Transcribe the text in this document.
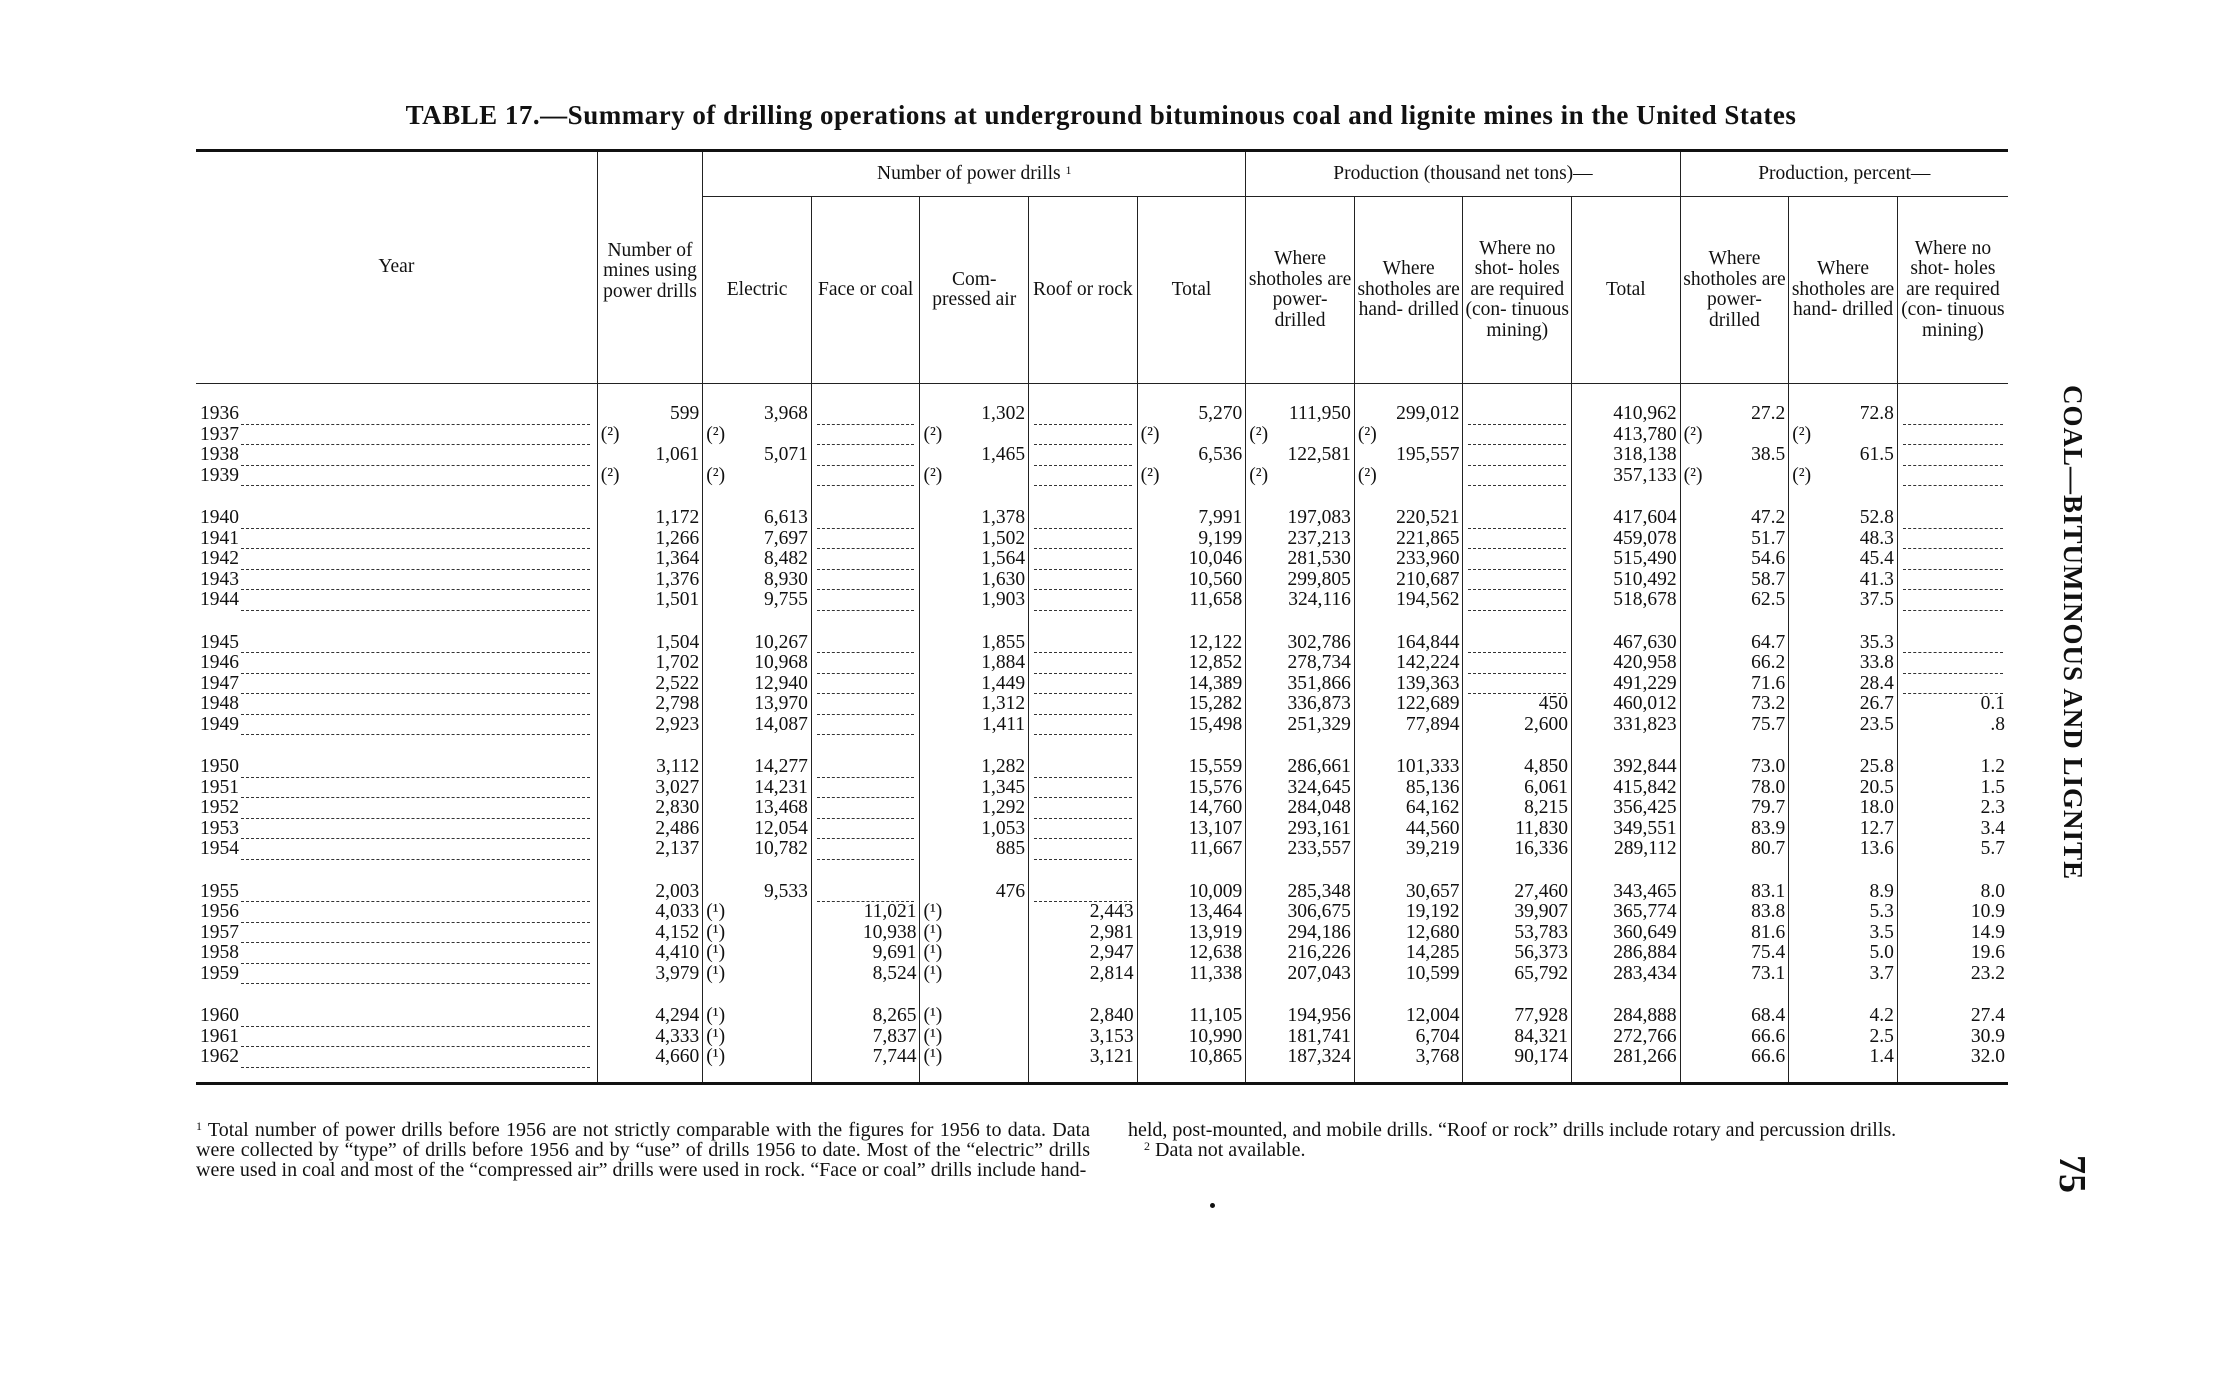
TABLE 17.—Summary of drilling operations at underground bituminous coal and lignite mines in the United States
Year	Number of mines using power drills	Number of power drills $^1$					Production (thousand net tons)—				Production, percent—		
		Electric	Face or coal	Com- pressed air	Roof or rock	Total	Where shotholes are power- drilled	Where shotholes are hand- drilled	Where no shot- holes are required (con- tinuous mining)	Total	Where shotholes are power- drilled	Where shotholes are hand- drilled	Where no shot- holes are required (con- tinuous mining)

1936	599	3,968		1,302		5,270	111,950	299,012		410,962	27.2	72.8	

1937	(²)	(²)		(²)		(²)	(²)	(²)		413,780	(²)	(²)	

1938	1,061	5,071		1,465		6,536	122,581	195,557		318,138	38.5	61.5	

1939	(²)	(²)		(²)		(²)	(²)	(²)		357,133	(²)	(²)	

1940	1,172	6,613		1,378		7,991	197,083	220,521		417,604	47.2	52.8	

1941	1,266	7,697		1,502		9,199	237,213	221,865		459,078	51.7	48.3	

1942	1,364	8,482		1,564		10,046	281,530	233,960		515,490	54.6	45.4	

1943	1,376	8,930		1,630		10,560	299,805	210,687		510,492	58.7	41.3	

1944	1,501	9,755		1,903		11,658	324,116	194,562		518,678	62.5	37.5	

1945	1,504	10,267		1,855		12,122	302,786	164,844		467,630	64.7	35.3	

1946	1,702	10,968		1,884		12,852	278,734	142,224		420,958	66.2	33.8	

1947	2,522	12,940		1,449		14,389	351,866	139,363		491,229	71.6	28.4	

1948	2,798	13,970		1,312		15,282	336,873	122,689	450	460,012	73.2	26.7	0.1

1949	2,923	14,087		1,411		15,498	251,329	77,894	2,600	331,823	75.7	23.5	.8

1950	3,112	14,277		1,282		15,559	286,661	101,333	4,850	392,844	73.0	25.8	1.2

1951	3,027	14,231		1,345		15,576	324,645	85,136	6,061	415,842	78.0	20.5	1.5

1952	2,830	13,468		1,292		14,760	284,048	64,162	8,215	356,425	79.7	18.0	2.3

1953	2,486	12,054		1,053		13,107	293,161	44,560	11,830	349,551	83.9	12.7	3.4

1954	2,137	10,782		885		11,667	233,557	39,219	16,336	289,112	80.7	13.6	5.7

1955	2,003	9,533		476		10,009	285,348	30,657	27,460	343,465	83.1	8.9	8.0

1956	4,033	(¹)	11,021	(¹)	2,443	13,464	306,675	19,192	39,907	365,774	83.8	5.3	10.9

1957	4,152	(¹)	10,938	(¹)	2,981	13,919	294,186	12,680	53,783	360,649	81.6	3.5	14.9

1958	4,410	(¹)	9,691	(¹)	2,947	12,638	216,226	14,285	56,373	286,884	75.4	5.0	19.6

1959	3,979	(¹)	8,524	(¹)	2,814	11,338	207,043	10,599	65,792	283,434	73.1	3.7	23.2

1960	4,294	(¹)	8,265	(¹)	2,840	11,105	194,956	12,004	77,928	284,888	68.4	4.2	27.4

1961	4,333	(¹)	7,837	(¹)	3,153	10,990	181,741	6,704	84,321	272,766	66.6	2.5	30.9

1962	4,660	(¹)	7,744	(¹)	3,121	10,865	187,324	3,768	90,174	281,266	66.6	1.4	32.0

$^1$ Total number of power drills before 1956 are not strictly comparable with the figures for 1956 to data. Data were collected by “type” of drills before 1956 and by “use” of drills 1956 to date. Most of the “electric” drills were used in coal and most of the “compressed air” drills were used in rock. “Face or coal” drills include hand-
held, post-mounted, and mobile drills. “Roof or rock” drills include rotary and percussion drills.
$^2$ Data not available.
COAL—BITUMINOUS AND LIGNITE
75
